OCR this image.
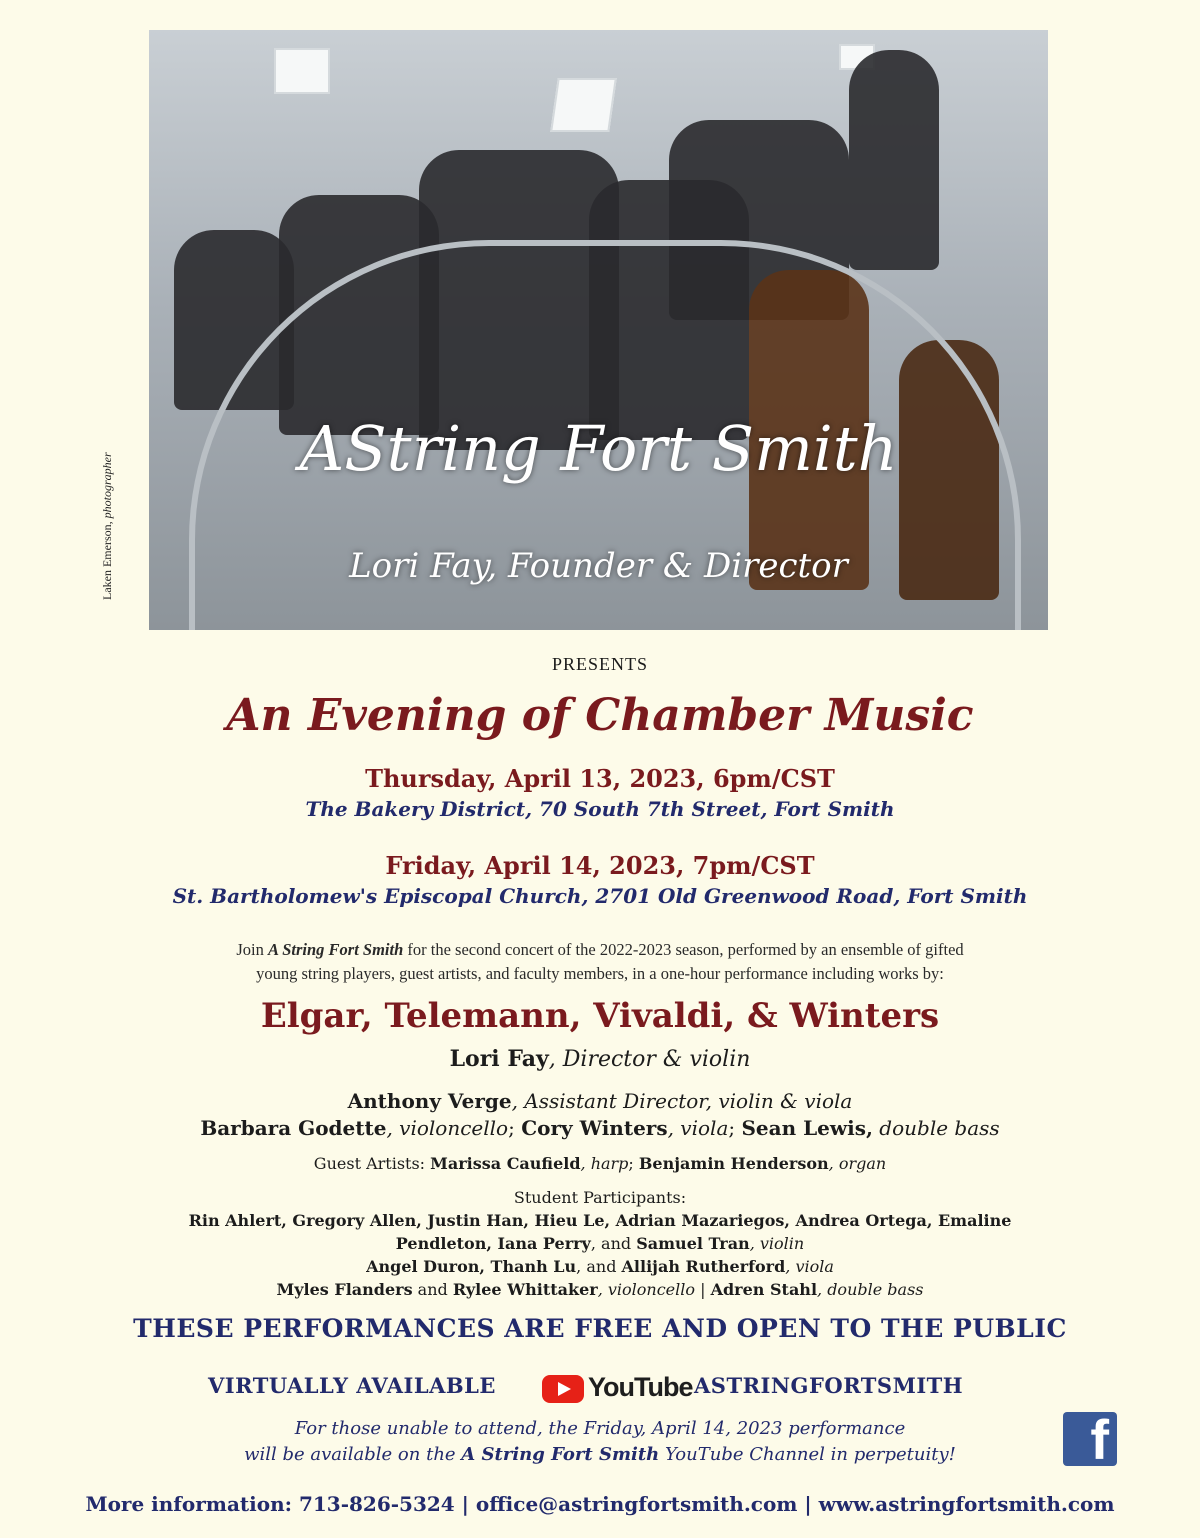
AString Fort Smith
Lori Fay, Founder & Director
Laken Emerson, photographer
PRESENTS
An Evening of Chamber Music
Thursday, April 13, 2023, 6pm/CST
The Bakery District, 70 South 7th Street, Fort Smith
Friday, April 14, 2023, 7pm/CST
St. Bartholomew's Episcopal Church, 2701 Old Greenwood Road, Fort Smith
Join A String Fort Smith for the second concert of the 2022-2023 season, performed by an ensemble of gifted
young string players, guest artists, and faculty members, in a one-hour performance including works by:
Elgar, Telemann, Vivaldi, & Winters
Lori Fay, Director & violin
Anthony Verge, Assistant Director, violin & viola
Barbara Godette, violoncello; Cory Winters, viola; Sean Lewis, double bass
Guest Artists: Marissa Caufield, harp; Benjamin Henderson, organ
Student Participants:
Rin Ahlert, Gregory Allen, Justin Han, Hieu Le, Adrian Mazariegos, Andrea Ortega, Emaline
Pendleton, Iana Perry, and Samuel Tran, violin
Angel Duron, Thanh Lu, and Allijah Rutherford, viola
Myles Flanders and Rylee Whittaker, violoncello | Adren Stahl, double bass
THESE PERFORMANCES ARE FREE AND OPEN TO THE PUBLIC
VIRTUALLY AVAILABLE	YouTube ASTRINGFORTSMITH
For those unable to attend, the Friday, April 14, 2023 performance
will be available on the A String Fort Smith YouTube Channel in perpetuity!	f
More information: 713-826-5324 | office@astringfortsmith.com | www.astringfortsmith.com
